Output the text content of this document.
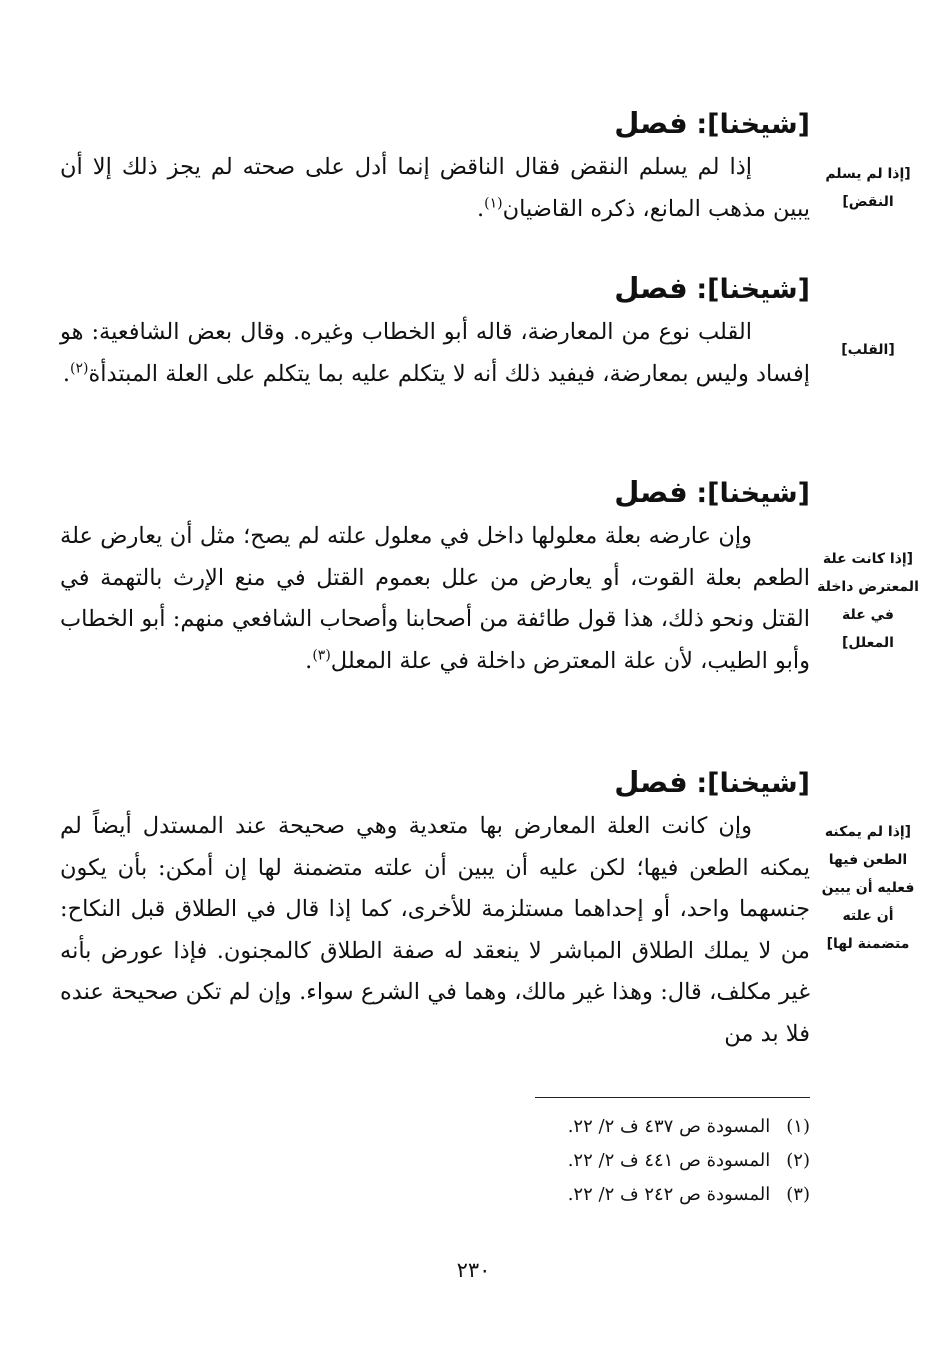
[شيخنا]: فصل

إذا لم يسلم النقض فقال الناقض إنما أدل على صحته لم يجز ذلك إلا أن يبين مذهب المانع، ذكره القاضيان$^{(١)}$.

[إذا لم يسلم النقض]
[شيخنا]: فصل

القلب نوع من المعارضة، قاله أبو الخطاب وغيره. وقال بعض الشافعية: هو إفساد وليس بمعارضة، فيفيد ذلك أنه لا يتكلم عليه بما يتكلم على العلة المبتدأة$^{(٢)}$.

[القلب]
[شيخنا]: فصل

وإن عارضه بعلة معلولها داخل في معلول علته لم يصح؛ مثل أن يعارض علة الطعم بعلة القوت، أو يعارض من علل بعموم القتل في منع الإرث بالتهمة في القتل ونحو ذلك، هذا قول طائفة من أصحابنا وأصحاب الشافعي منهم: أبو الخطاب وأبو الطيب، لأن علة المعترض داخلة في علة المعلل$^{(٣)}$.

[إذا كانت علة المعترض داخلة في علة المعلل]
[شيخنا]: فصل

وإن كانت العلة المعارض بها متعدية وهي صحيحة عند المستدل أيضاً لم يمكنه الطعن فيها؛ لكن عليه أن يبين أن علته متضمنة لها إن أمكن: بأن يكون جنسهما واحد، أو إحداهما مستلزمة للأخرى، كما إذا قال في الطلاق قبل النكاح: من لا يملك الطلاق المباشر لا ينعقد له صفة الطلاق كالمجنون. فإذا عورض بأنه غير مكلف، قال: وهذا غير مالك، وهما في الشرع سواء. وإن لم تكن صحيحة عنده فلا بد من

[إذا لم يمكنه الطعن فيها فعليه أن يبين أن علته متضمنة لها]
(١) المسودة ص ٤٣٧ ف ٢/ ٢٢.
(٢) المسودة ص ٤٤١ ف ٢/ ٢٢.
(٣) المسودة ص ٢٤٢ ف ٢/ ٢٢.
٢٣٠
